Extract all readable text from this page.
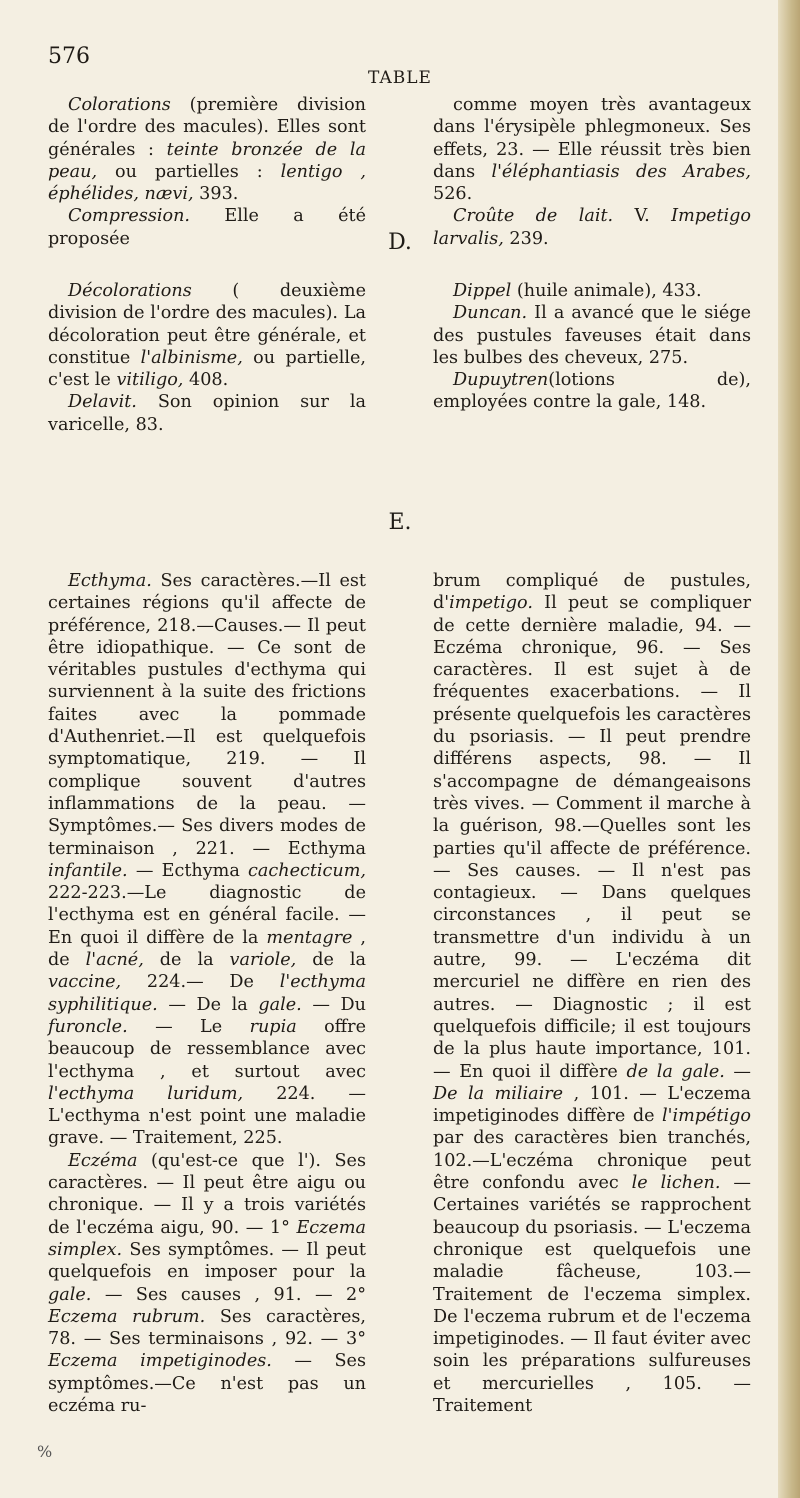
576
TABLE

Colorations (première division de l'ordre des macules). Elles sont générales : teinte bronzée de la peau, ou partielles : lentigo , éphélides, nævi, 393.

Compression. Elle a été proposée

comme moyen très avantageux dans l'érysipèle phlegmoneux. Ses effets, 23. — Elle réussit très bien dans l'éléphantiasis des Arabes, 526.

Croûte de lait. V. Impetigo larvalis, 239.

D.

Décolorations ( deuxième division de l'ordre des macules). La décoloration peut être générale, et constitue l'albinisme, ou partielle, c'est le vitiligo, 408.

Delavit. Son opinion sur la varicelle, 83.

Dippel (huile animale), 433.

Duncan. Il a avancé que le siége des pustules faveuses était dans les bulbes des cheveux, 275.

Dupuytren(lotions de), employées contre la gale, 148.

E.

Ecthyma. Ses caractères.—Il est certaines régions qu'il affecte de préférence, 218.—Causes.— Il peut être idiopathique. — Ce sont de véritables pustules d'ecthyma qui surviennent à la suite des frictions faites avec la pommade d'Authenriet.—Il est quelquefois symptomatique, 219. — Il complique souvent d'autres inflammations de la peau. — Symptômes.— Ses divers modes de terminaison , 221. — Ecthyma infantile. — Ecthyma cachecticum, 222-223.—Le diagnostic de l'ecthyma est en général facile. — En quoi il diffère de la mentagre , de l'acné, de la variole, de la vaccine, 224.— De l'ecthyma syphilitique. — De la gale. — Du furoncle. — Le rupia offre beaucoup de ressemblance avec l'ecthyma , et surtout avec l'ecthyma luridum, 224. —L'ecthyma n'est point une maladie grave. — Traitement, 225.

Eczéma (qu'est-ce que l'). Ses caractères. — Il peut être aigu ou chronique. — Il y a trois variétés de l'eczéma aigu, 90. — 1° Eczema simplex. Ses symptômes. — Il peut quelquefois en imposer pour la gale. — Ses causes , 91. — 2° Eczema rubrum. Ses caractères, 78. — Ses terminaisons , 92. — 3° Eczema impetiginodes. — Ses symptômes.—Ce n'est pas un eczéma ru-

brum compliqué de pustules, d'impetigo. Il peut se compliquer de cette dernière maladie, 94. — Eczéma chronique, 96. — Ses caractères. Il est sujet à de fréquentes exacerbations. — Il présente quelquefois les caractères du psoriasis. — Il peut prendre différens aspects, 98. — Il s'accompagne de démangeaisons très vives. — Comment il marche à la guérison, 98.—Quelles sont les parties qu'il affecte de préférence. — Ses causes. — Il n'est pas contagieux. — Dans quelques circonstances , il peut se transmettre d'un individu à un autre, 99. — L'eczéma dit mercuriel ne diffère en rien des autres. — Diagnostic ; il est quelquefois difficile; il est toujours de la plus haute importance, 101. — En quoi il diffère de la gale. — De la miliaire , 101. — L'eczema impetiginodes diffère de l'impétigo par des caractères bien tranchés, 102.—L'eczéma chronique peut être confondu avec le lichen. — Certaines variétés se rapprochent beaucoup du psoriasis. — L'eczema chronique est quelquefois une maladie fâcheuse, 103.— Traitement de l'eczema simplex. De l'eczema rubrum et de l'eczema impetiginodes. — Il faut éviter avec soin les préparations sulfureuses et mercurielles , 105. — Traitement

%
